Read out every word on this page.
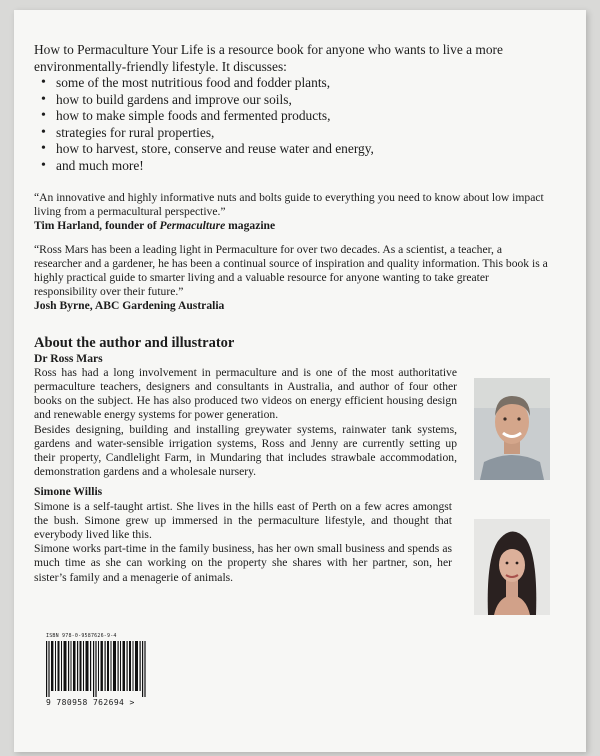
How to Permaculture Your Life is a resource book for anyone who wants to live a more environmentally-friendly lifestyle. It discusses:

• some of the most nutritious food and fodder plants,
• how to build gardens and improve our soils,
• how to make simple foods and fermented products,
• strategies for rural properties,
• how to harvest, store, conserve and reuse water and energy,
• and much more!

“An innovative and highly informative nuts and bolts guide to everything you need to know about low impact living from a permacultural perspective.”

Tim Harland, founder of Permaculture magazine

“Ross Mars has been a leading light in Permaculture for over two decades. As a scientist, a teacher, a researcher and a gardener, he has been a continual source of inspiration and quality information. This book is a highly practical guide to smarter living and a valuable resource for anyone wanting to take greater responsibility over their future.”

Josh Byrne, ABC Gardening Australia

About the author and illustrator

Dr Ross Mars

Ross has had a long involvement in permaculture and is one of the most authoritative permaculture teachers, designers and consultants in Australia, and author of four other books on the subject. He has also produced two videos on energy efficient housing design and renewable energy systems for power generation.

Besides designing, building and installing greywater systems, rainwater tank systems, gardens and water-sensible irrigation systems, Ross and Jenny are currently setting up their property, Candlelight Farm, in Mundaring that includes strawbale accommodation, demonstration gardens and a wholesale nursery.

Simone Willis

Simone is a self-taught artist. She lives in the hills east of Perth on a few acres amongst the bush. Simone grew up immersed in the permaculture lifestyle, and thought that everybody lived like this.

Simone works part-time in the family business, has her own small business and spends as much time as she can working on the property she shares with her partner, son, her sister’s family and a menagerie of animals.

ISBN 978-0-9587626-9-4
9 780958 762694 >
